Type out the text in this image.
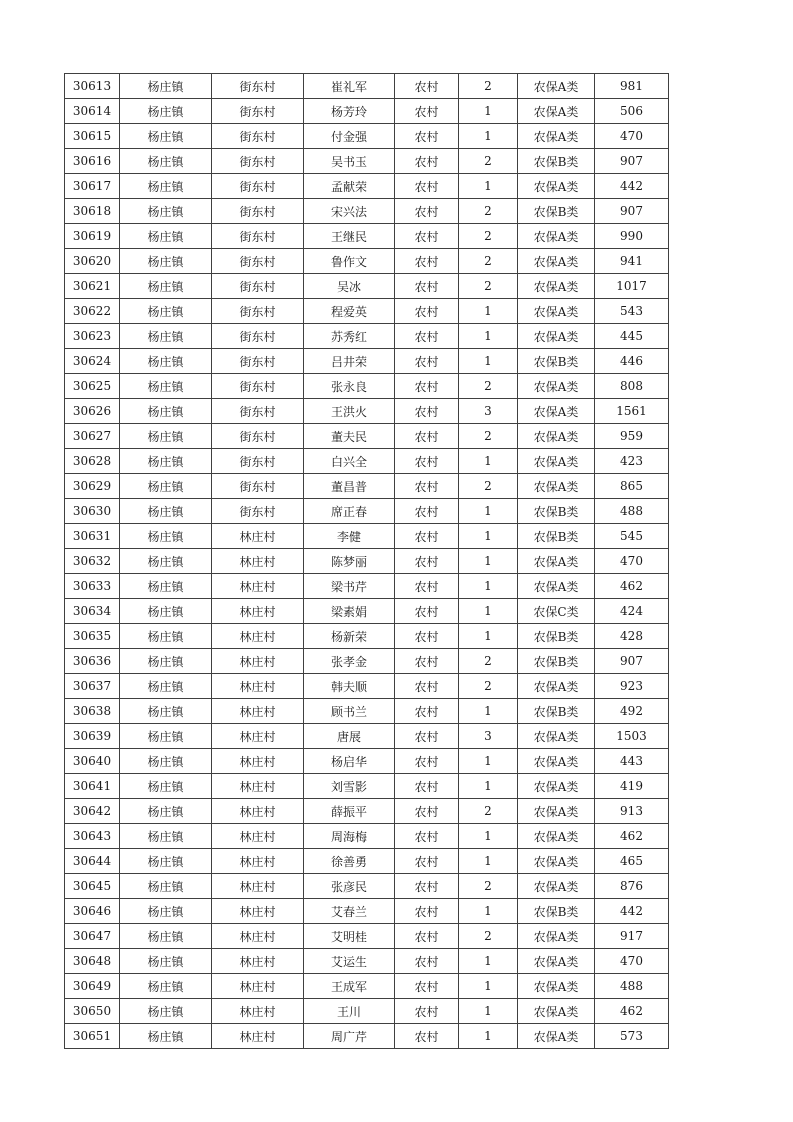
30613	杨庄镇	街东村	崔礼军	农村	2	农保A类	981
30614	杨庄镇	街东村	杨芳玲	农村	1	农保A类	506
30615	杨庄镇	街东村	付金强	农村	1	农保A类	470
30616	杨庄镇	街东村	吴书玉	农村	2	农保B类	907
30617	杨庄镇	街东村	孟献荣	农村	1	农保A类	442
30618	杨庄镇	街东村	宋兴法	农村	2	农保B类	907
30619	杨庄镇	街东村	王继民	农村	2	农保A类	990
30620	杨庄镇	街东村	鲁作文	农村	2	农保A类	941
30621	杨庄镇	街东村	吴冰	农村	2	农保A类	1017
30622	杨庄镇	街东村	程爱英	农村	1	农保A类	543
30623	杨庄镇	街东村	苏秀红	农村	1	农保A类	445
30624	杨庄镇	街东村	吕井荣	农村	1	农保B类	446
30625	杨庄镇	街东村	张永良	农村	2	农保A类	808
30626	杨庄镇	街东村	王洪火	农村	3	农保A类	1561
30627	杨庄镇	街东村	董夫民	农村	2	农保A类	959
30628	杨庄镇	街东村	白兴全	农村	1	农保A类	423
30629	杨庄镇	街东村	董昌普	农村	2	农保A类	865
30630	杨庄镇	街东村	席正春	农村	1	农保B类	488
30631	杨庄镇	林庄村	李健	农村	1	农保B类	545
30632	杨庄镇	林庄村	陈梦丽	农村	1	农保A类	470
30633	杨庄镇	林庄村	梁书芹	农村	1	农保A类	462
30634	杨庄镇	林庄村	梁素娟	农村	1	农保C类	424
30635	杨庄镇	林庄村	杨新荣	农村	1	农保B类	428
30636	杨庄镇	林庄村	张孝金	农村	2	农保B类	907
30637	杨庄镇	林庄村	韩夫顺	农村	2	农保A类	923
30638	杨庄镇	林庄村	顾书兰	农村	1	农保B类	492
30639	杨庄镇	林庄村	唐展	农村	3	农保A类	1503
30640	杨庄镇	林庄村	杨启华	农村	1	农保A类	443
30641	杨庄镇	林庄村	刘雪影	农村	1	农保A类	419
30642	杨庄镇	林庄村	薛振平	农村	2	农保A类	913
30643	杨庄镇	林庄村	周海梅	农村	1	农保A类	462
30644	杨庄镇	林庄村	徐善勇	农村	1	农保A类	465
30645	杨庄镇	林庄村	张彦民	农村	2	农保A类	876
30646	杨庄镇	林庄村	艾春兰	农村	1	农保B类	442
30647	杨庄镇	林庄村	艾明桂	农村	2	农保A类	917
30648	杨庄镇	林庄村	艾运生	农村	1	农保A类	470
30649	杨庄镇	林庄村	王成军	农村	1	农保A类	488
30650	杨庄镇	林庄村	王川	农村	1	农保A类	462
30651	杨庄镇	林庄村	周广芹	农村	1	农保A类	573
